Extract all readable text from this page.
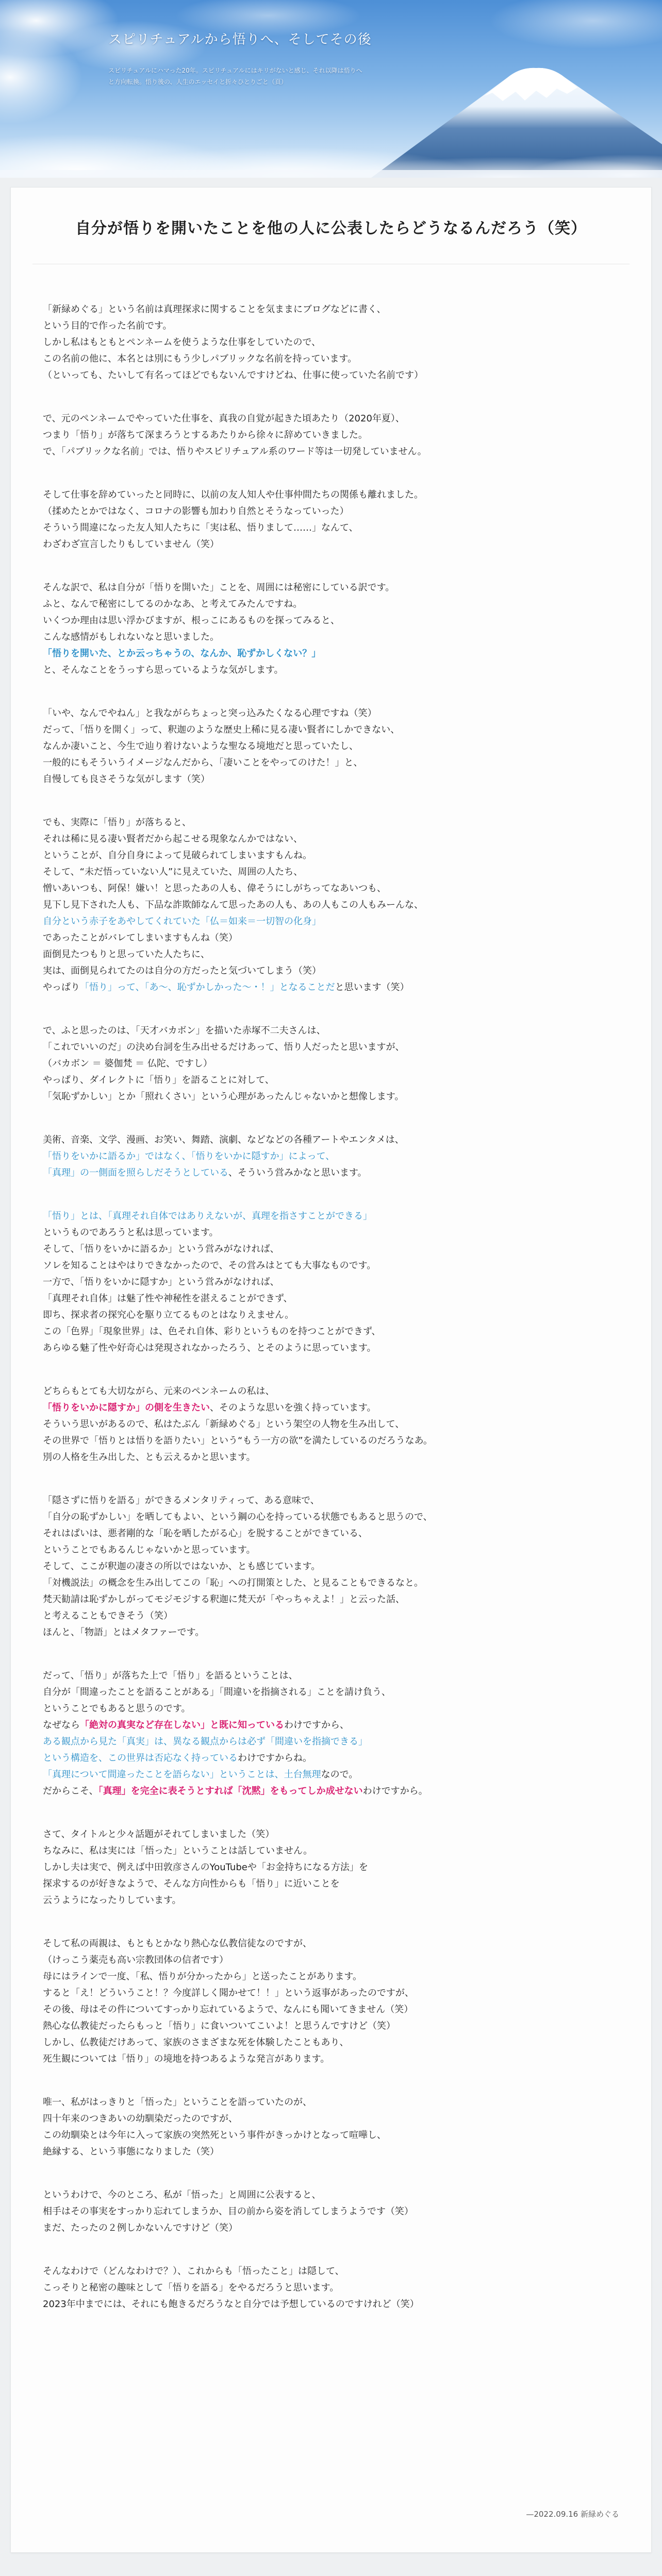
スピリチュアルから悟りへ、そしてその後
スピリチュアルにハマった20年。スピリチュアルにはキリがないと感じ、それ以降は悟りへと方向転換。悟り後の、人生のエッセイと折々ひとりごと（頁）
自分が悟りを開いたことを他の人に公表したらどうなるんだろう（笑）

「新緑めぐる」という名前は真理探求に関することを気ままにブログなどに書く、
という目的で作った名前です。
しかし私はもともとペンネームを使うような仕事をしていたので、
この名前の他に、本名とは別にもう少しパブリックな名前を持っています。
（といっても、たいして有名ってほどでもないんですけどね、仕事に使っていた名前です）

で、元のペンネームでやっていた仕事を、真我の自覚が起きた頃あたり（2020年夏）、
つまり「悟り」が落ちて深まろうとするあたりから徐々に辞めていきました。
で、「パブリックな名前」では、悟りやスピリチュアル系のワード等は一切発していません。

そして仕事を辞めていったと同時に、以前の友人知人や仕事仲間たちの関係も離れました。
（揉めたとかではなく、コロナの影響も加わり自然とそうなっていった）
そういう間違になった友人知人たちに「実は私、悟りまして……」なんて、
わざわざ宣言したりもしていません（笑）

そんな訳で、私は自分が「悟りを開いた」ことを、周囲には秘密にしている訳です。
ふと、なんで秘密にしてるのかなあ、と考えてみたんですね。
いくつか理由は思い浮かびますが、根っこにあるものを探ってみると、
こんな感情がもしれないなと思いました。
「悟りを開いた、とか云っちゃうの、なんか、恥ずかしくない？」
と、そんなことをうっすら思っているような気がします。

「いや、なんでやねん」と我ながらちょっと突っ込みたくなる心理ですね（笑）
だって、「悟りを開く」って、釈迦のような歴史上稀に見る凄い賢者にしかできない、
なんか凄いこと、今生で辿り着けないような聖なる境地だと思っていたし、
一般的にもそういうイメージなんだから、「凄いことをやってのけた！」と、
自慢しても良さそうな気がします（笑）

でも、実際に「悟り」が落ちると、
それは稀に見る凄い賢者だから起こせる現象なんかではない、
ということが、自分自身によって見破られてしまいますもんね。
そして、“未だ悟っていない人”に見えていた、周囲の人たち、
憎いあいつも、阿保！嫌い！と思ったあの人も、偉そうにしがちってなあいつも、
見下し見下された人も、下品な詐欺師なんて思ったあの人も、あの人もこの人もみーんな、
自分という赤子をあやしてくれていた「仏＝如来＝一切智の化身」
であったことがバレてしまいますもんね（笑）
面倒見たつもりと思っていた人たちに、
実は、面倒見られてたのは自分の方だったと気づいてしまう（笑）
やっぱり「悟り」って、「あ〜、恥ずかしかった〜・！」となることだと思います（笑）

で、ふと思ったのは、「天才バカボン」を描いた赤塚不二夫さんは、
「これでいいのだ」の決め台詞を生み出せるだけあって、悟り人だったと思いますが、
（バカボン ＝ 婆伽梵 ＝ 仏陀、ですし）
やっぱり、ダイレクトに「悟り」を語ることに対して、
「気恥ずかしい」とか「照れくさい」という心理があったんじゃないかと想像します。

美術、音楽、文学、漫画、お笑い、舞踏、演劇、などなどの各種アートやエンタメは、
「悟りをいかに語るか」ではなく、「悟りをいかに隠すか」によって、
「真理」の一側面を照らしだそうとしている、そういう営みかなと思います。

「悟り」とは、「真理それ自体ではありえないが、真理を指さすことができる」
というものであろうと私は思っています。
そして、「悟りをいかに語るか」という営みがなければ、
ソレを知ることはやはりできなかったので、その営みはとても大事なものです。
一方で、「悟りをいかに隠すか」という営みがなければ、
「真理それ自体」は魅了性や神秘性を湛えることができず、
即ち、探求者の探究心を駆り立てるものとはなりえません。
この「色界」「現象世界」は、色それ自体、彩りというものを持つことができず、
あらゆる魅了性や好奇心は発現されなかったろう、とそのように思っています。

どちらもとても大切ながら、元来のペンネームの私は、
「悟りをいかに隠すか」の側を生きたい、そのような思いを強く持っています。
そういう思いがあるので、私はたぶん「新緑めぐる」という架空の人物を生み出して、
その世界で「悟りとは悟りを語りたい」という“もう一方の欲”を満たしているのだろうなあ。
別の人格を生み出した、とも云えるかと思います。

「隠さずに悟りを語る」ができるメンタリティって、ある意味で、
「自分の恥ずかしい」を晒してもよい、という鋼の心を持っている状態でもあると思うので、
それはぱいは、悪者剛的な「恥を晒したがる心」を脱することができている、
ということでもあるんじゃないかと思っています。
そして、ここが釈迦の凄さの所以ではないか、とも感じています。
「対機説法」の概念を生み出してこの「恥」への打開策とした、と見ることもできるなと。
梵天勧請は恥ずかしがってモジモジする釈迦に梵天が「やっちゃえよ！」と云った話、
と考えることもできそう（笑）
ほんと、「物語」とはメタファーです。

だって、「悟り」が落ちた上で「悟り」を語るということは、
自分が「間違ったことを語ることがある」「間違いを指摘される」ことを請け負う、
ということでもあると思うのです。
なぜなら「絶対の真実など存在しない」と既に知っているわけですから、
ある観点から見た「真実」は、異なる観点からは必ず「間違いを指摘できる」
という構造を、この世界は否応なく持っているわけですからね。
「真理について間違ったことを語らない」ということは、土台無理なので。
だからこそ、「真理」を完全に表そうとすれば「沈黙」をもってしか成せないわけですから。

さて、タイトルと少々話題がそれてしまいました（笑）
ちなみに、私は実には「悟った」ということは話していません。
しかし夫は実で、例えば中田敦彦さんのYouTubeや「お金持ちになる方法」を
探求するのが好きなようで、そんな方向性からも「悟り」に近いことを
云うようになったりしています。

そして私の両親は、もともとかなり熱心な仏教信徒なのですが、
（けっこう薬売も高い宗教団体の信者です）
母にはラインで一度、「私、悟りが分かったから」と送ったことがあります。
すると「え！どういうこと！？今度詳しく聞かせて！！」という返事があったのですが、
その後、母はその件についてすっかり忘れているようで、なんにも聞いてきません（笑）
熱心な仏教徒だったらもっと「悟り」に食いついてこいよ！と思うんですけど（笑）
しかし、仏教徒だけあって、家族のさまざまな死を体験したこともあり、
死生観については「悟り」の境地を持つあるような発言があります。

唯一、私がはっきりと「悟った」ということを語っていたのが、
四十年来のつきあいの幼馴染だったのですが、
この幼馴染とは今年に入って家族の突然死という事件がきっかけとなって喧嘩し、
絶縁する、という事態になりました（笑）

というわけで、今のところ、私が「悟った」と周囲に公表すると、
相手はその事実をすっかり忘れてしまうか、目の前から姿を消してしまうようです（笑）
まだ、たったの２例しかないんですけど（笑）

そんなわけで（どんなわけで？）、これからも「悟ったこと」は隠して、
こっそりと秘密の趣味として「悟りを語る」をやるだろうと思います。
2023年中までには、それにも飽きるだろうなと自分では予想しているのですけれど（笑）

—2022.09.16 新緑めぐる
